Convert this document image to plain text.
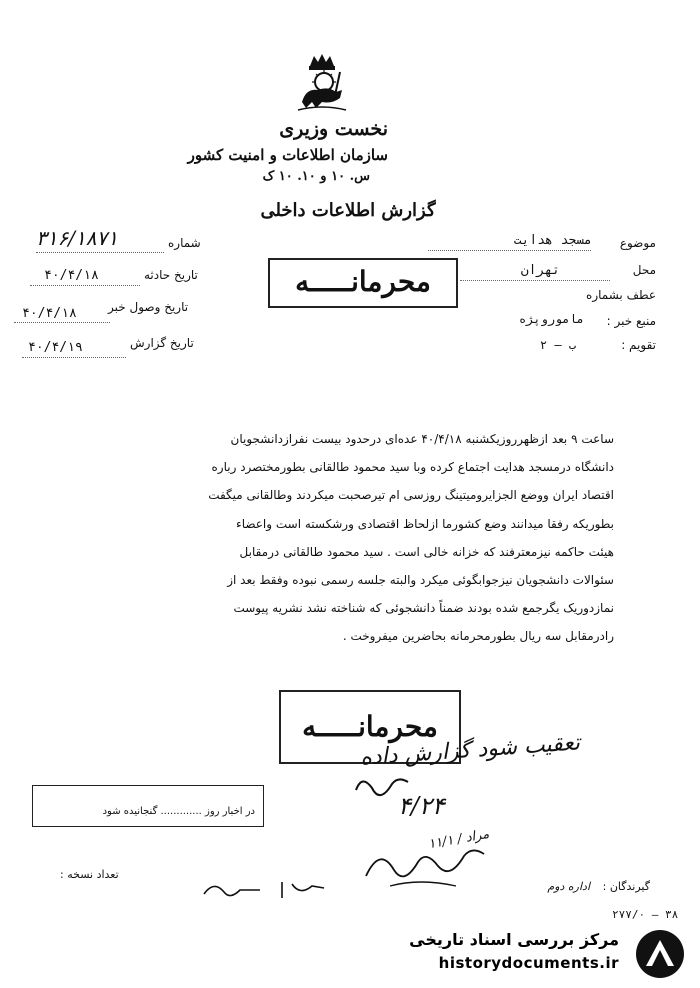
نخست وزیری
سازمان اطلاعات و امنیت کشور
س. ۱۰ و ۱۰. ۱۰ ک
گزارش اطلاعات داخلی
موضوع
مسجد هدایت
محل
تهران
عطف بشماره
منبع خبر :
ماموروپژه
تقویم :
ب — ۲
شماره
۳۱۶/۱۸۷۱
تاریخ حادثه
۴۰/۴/۱۸
تاریخ وصول خبر
۴۰/۴/۱۸
تاریخ گزارش
۴۰/۴/۱۹
محرمانـــــه
محرمانـــــه

ساعت ۹ بعد ازظهرروزیکشنبه ۴۰/۴/۱۸ عده‌ای درحدود بیست نفرازدانشجویان

دانشگاه درمسجد هدایت اجتماع کرده وبا سید محمود طالقانی بطورمختصرد رباره

اقتصاد ایران ووضع الجزایرومیتینگ روزسی ام تیرصحبت میکردند وطالقانی میگفت

بطوریکه رفقا میدانند وضع کشورما ازلحاظ اقتصادی ورشکسته است واعضاء

هیئت حاکمه نیزمعترفند که خزانه خالی است . سید محمود طالقانی درمقابل

سئوالات دانشجویان نیزجوابگوئی میکرد والبته جلسه رسمی نبوده وفقط بعد از

نمازدوریک یگرجمع شده بودند ضمناً دانشجوئی که شناخته نشد نشریه پیوست

رادرمقابل سه ریال بطورمحرمانه بحاضرین میفروخت .

تعقیب شود گزارش داده
۴/۲۴
مراد / ۱۱/۱
در اخبار روز ............. گنجانیده شود
گیرندگان :
اداره دوم
تعداد نسخه :
۳۸ — ۲۷۷/۰
مرکز بررسی اسناد تاریخی
historydocuments.ir
